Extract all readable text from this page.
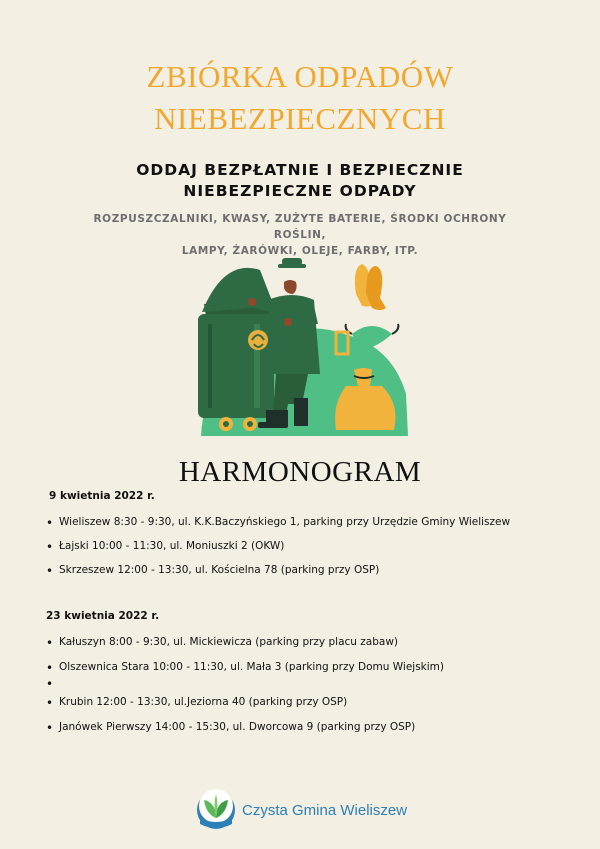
ZBIÓRKA ODPADÓW
NIEBEZPIECZNYCH
ODDAJ BEZPŁATNIE I BEZPIECZNIE
NIEBEZPIECZNE ODPADY
ROZPUSZCZALNIKI, KWASY, ZUŻYTE BATERIE, ŚRODKI OCHRONY ROŚLIN,
LAMPY, ŻARÓWKI, OLEJE, FARBY, ITP.
HARMONOGRAM
9 kwietnia 2022 r.
• Wieliszew 8:30 - 9:30, ul. K.K.Baczyńskiego 1, parking przy Urzędzie Gminy Wieliszew
• Łajski 10:00 - 11:30, ul. Moniuszki 2 (OKW)
• Skrzeszew 12:00 - 13:30, ul. Kościelna 78 (parking przy OSP)
23 kwietnia 2022 r.
• Kałuszyn 8:00 - 9:30, ul. Mickiewicza (parking przy placu zabaw)
• Olszewnica Stara 10:00 - 11:30, ul. Mała 3 (parking przy Domu Wiejskim)
•
• Krubin 12:00 - 13:30, ul.Jeziorna 40 (parking przy OSP)
• Janówek Pierwszy 14:00 - 15:30, ul. Dworcowa 9 (parking przy OSP)
Czysta Gmina Wieliszew
